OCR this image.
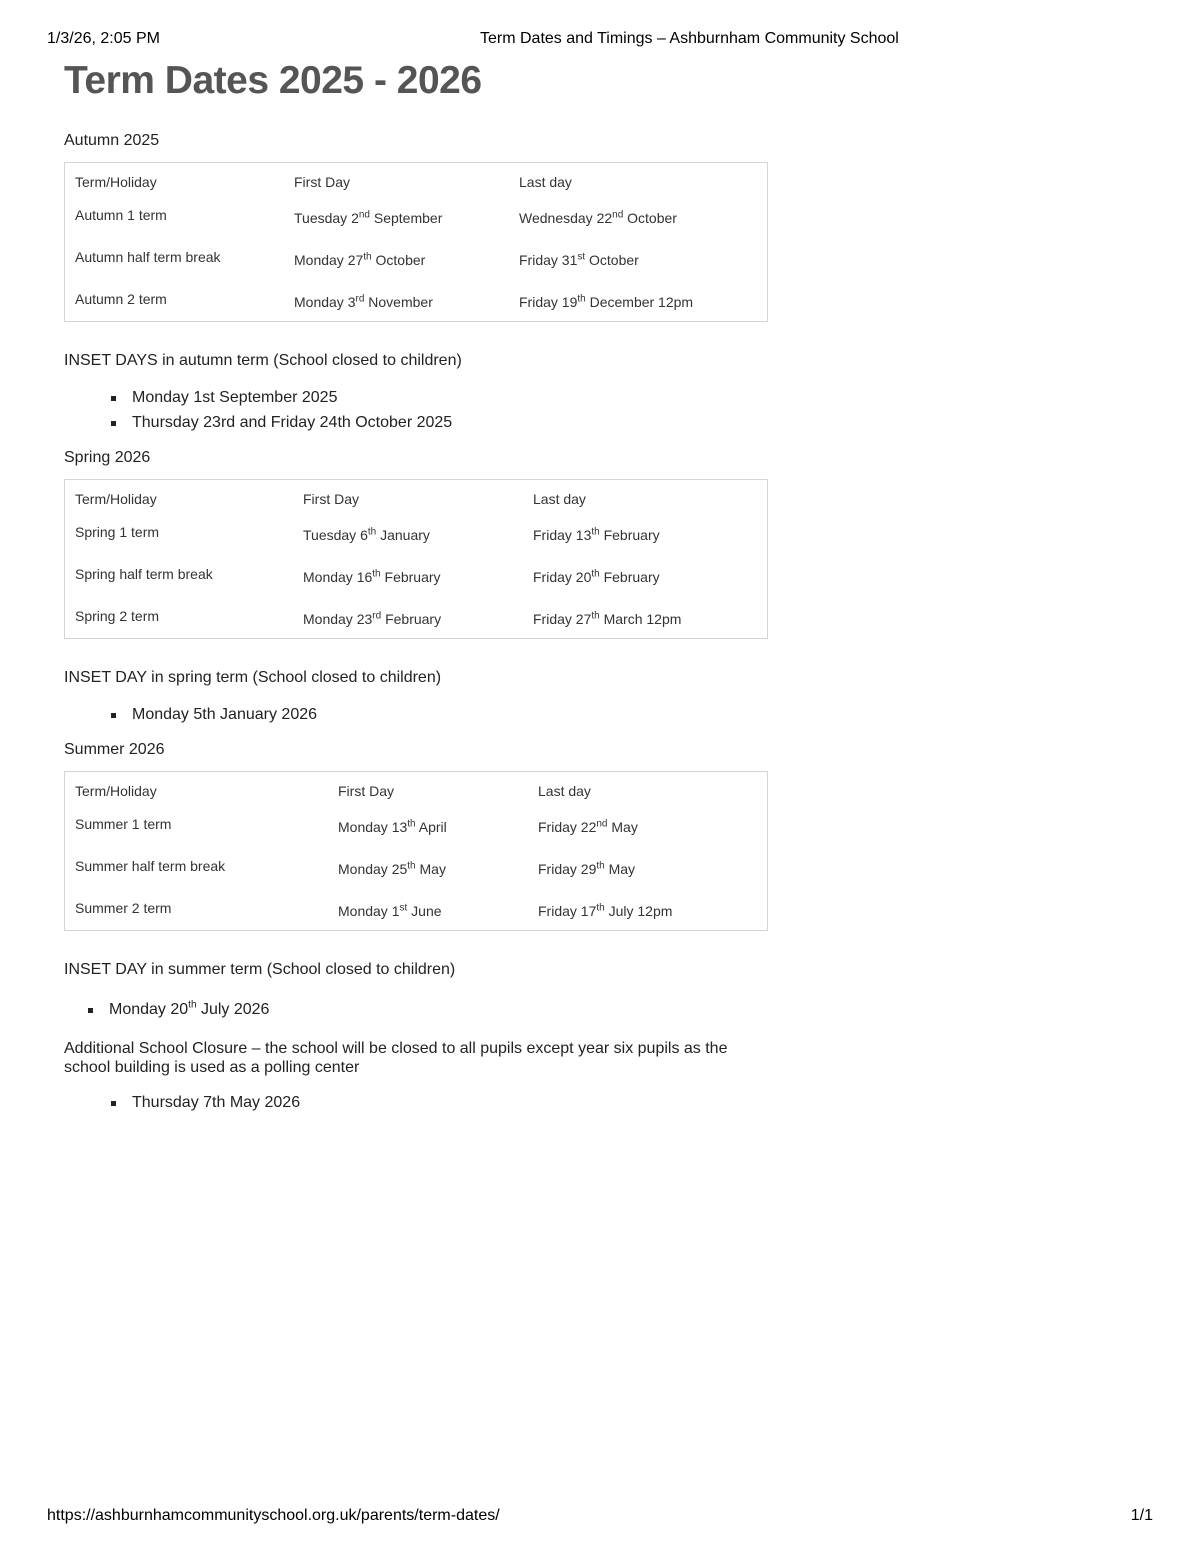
1/3/26, 2:05 PM	Term Dates and Timings – Ashburnham Community School
Term Dates 2025 - 2026
Autumn 2025
Term/Holiday	First Day	Last day
Autumn 1 term	Tuesday 2nd September	Wednesday 22nd October
Autumn half term break	Monday 27th October	Friday 31st October
Autumn 2 term	Monday 3rd November	Friday 19th December 12pm
INSET DAYS in autumn term (School closed to children)
Monday 1st September 2025
Thursday 23rd and Friday 24th October 2025
Spring 2026
Term/Holiday	First Day	Last day
Spring 1 term	Tuesday 6th January	Friday 13th February
Spring half term break	Monday 16th February	Friday 20th February
Spring 2 term	Monday 23rd February	Friday 27th March 12pm
INSET DAY in spring term (School closed to children)
Monday 5th January 2026
Summer 2026
Term/Holiday	First Day	Last day
Summer 1 term	Monday 13th April	Friday 22nd May
Summer half term break	Monday 25th May	Friday 29th May
Summer 2 term	Monday 1st June	Friday 17th July 12pm
INSET DAY in summer term (School closed to children)
Monday 20th July 2026
Additional School Closure – the school will be closed to all pupils except year six pupils as the school building is used as a polling center
Thursday 7th May 2026
https://ashburnhamcommunityschool.org.uk/parents/term-dates/	1/1
